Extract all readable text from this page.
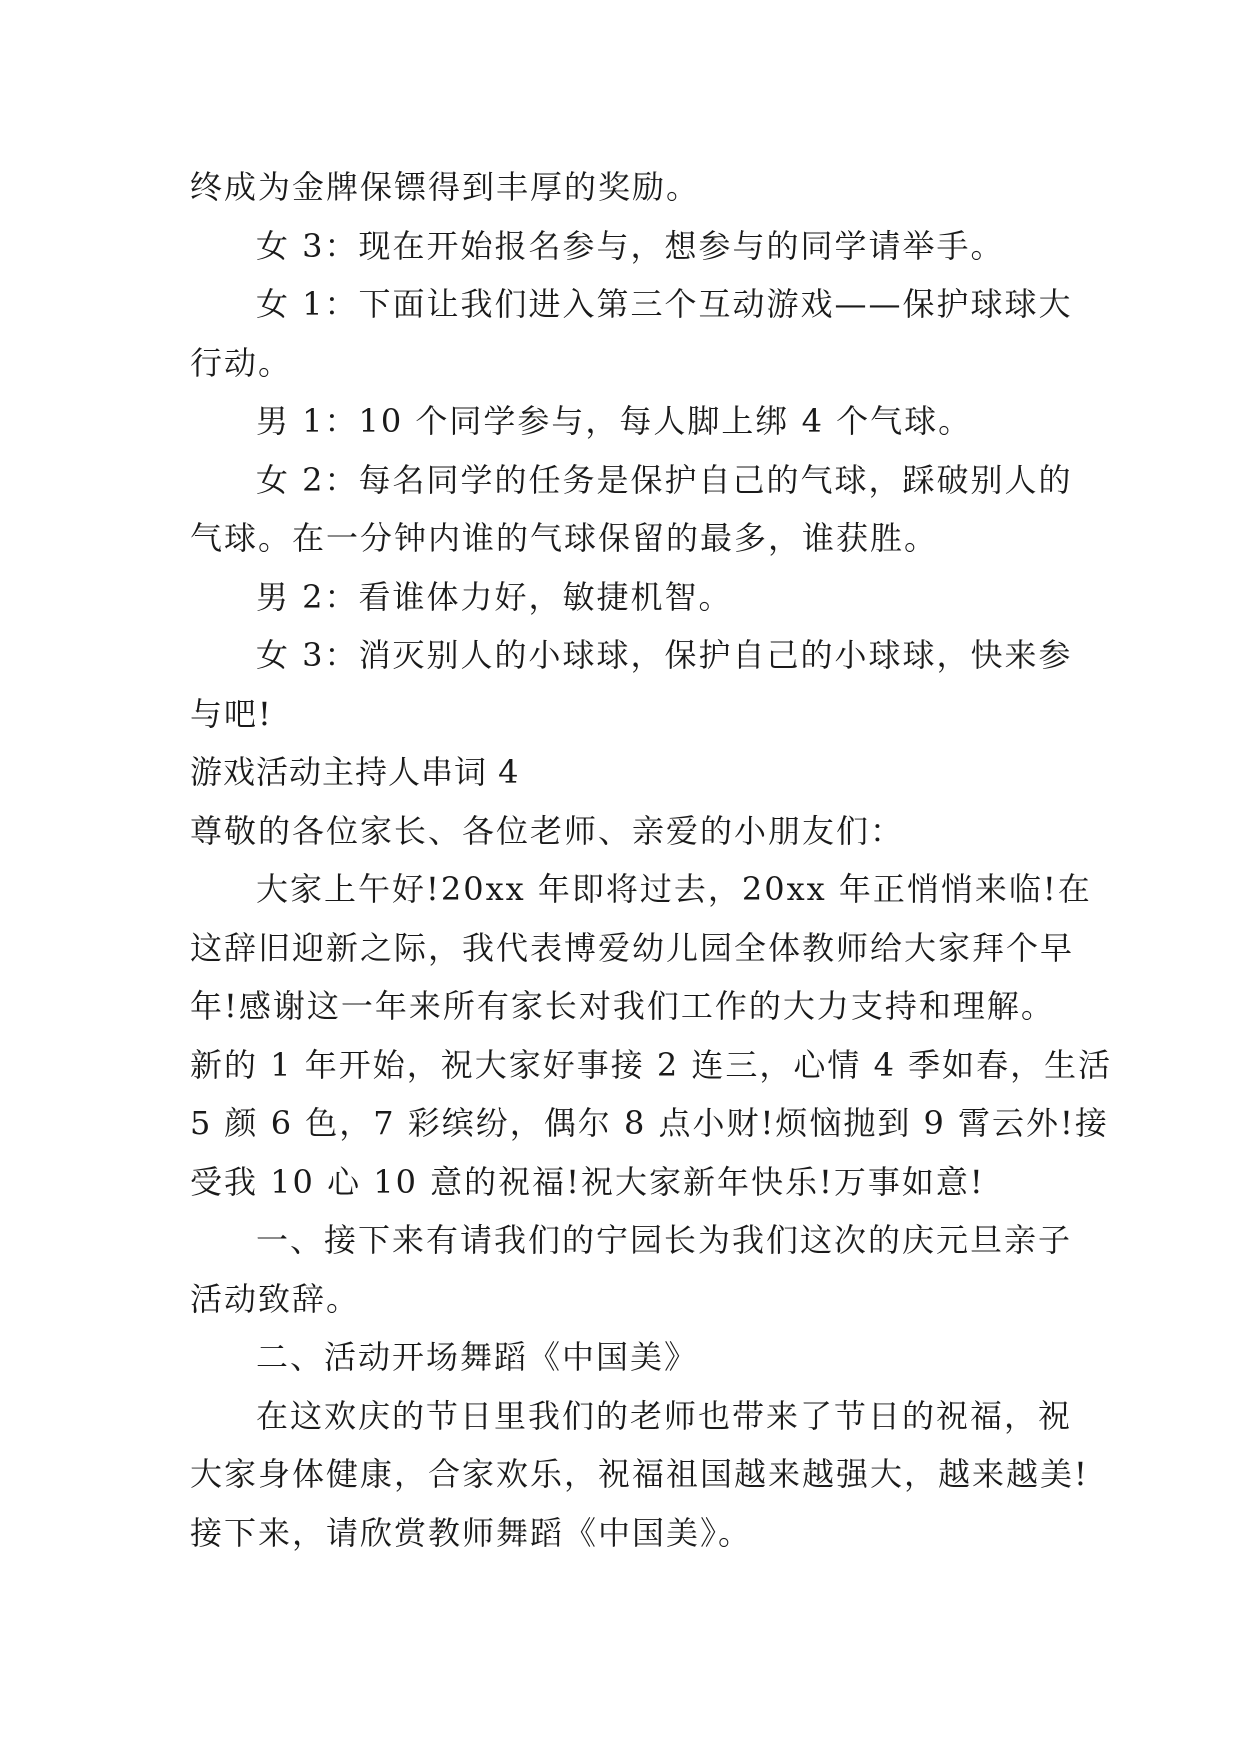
终成为金牌保镖得到丰厚的奖励。
女 3：现在开始报名参与，想参与的同学请举手。
女 1：下面让我们进入第三个互动游戏——保护球球大
行动。
男 1：10 个同学参与，每人脚上绑 4 个气球。
女 2：每名同学的任务是保护自己的气球，踩破别人的
气球。在一分钟内谁的气球保留的最多，谁获胜。
男 2：看谁体力好，敏捷机智。
女 3：消灭别人的小球球，保护自己的小球球，快来参
与吧!
游戏活动主持人串词 4
尊敬的各位家长、各位老师、亲爱的小朋友们：
大家上午好!20xx 年即将过去，20xx 年正悄悄来临!在
这辞旧迎新之际，我代表博爱幼儿园全体教师给大家拜个早
年!感谢这一年来所有家长对我们工作的大力支持和理解。
新的 1 年开始，祝大家好事接 2 连三，心情 4 季如春，生活
5 颜 6 色，7 彩缤纷，偶尔 8 点小财!烦恼抛到 9 霄云外!接
受我 10 心 10 意的祝福!祝大家新年快乐!万事如意!
一、接下来有请我们的宁园长为我们这次的庆元旦亲子
活动致辞。
二、活动开场舞蹈《中国美》
在这欢庆的节日里我们的老师也带来了节日的祝福，祝
大家身体健康，合家欢乐，祝福祖国越来越强大，越来越美!
接下来，请欣赏教师舞蹈《中国美》。
